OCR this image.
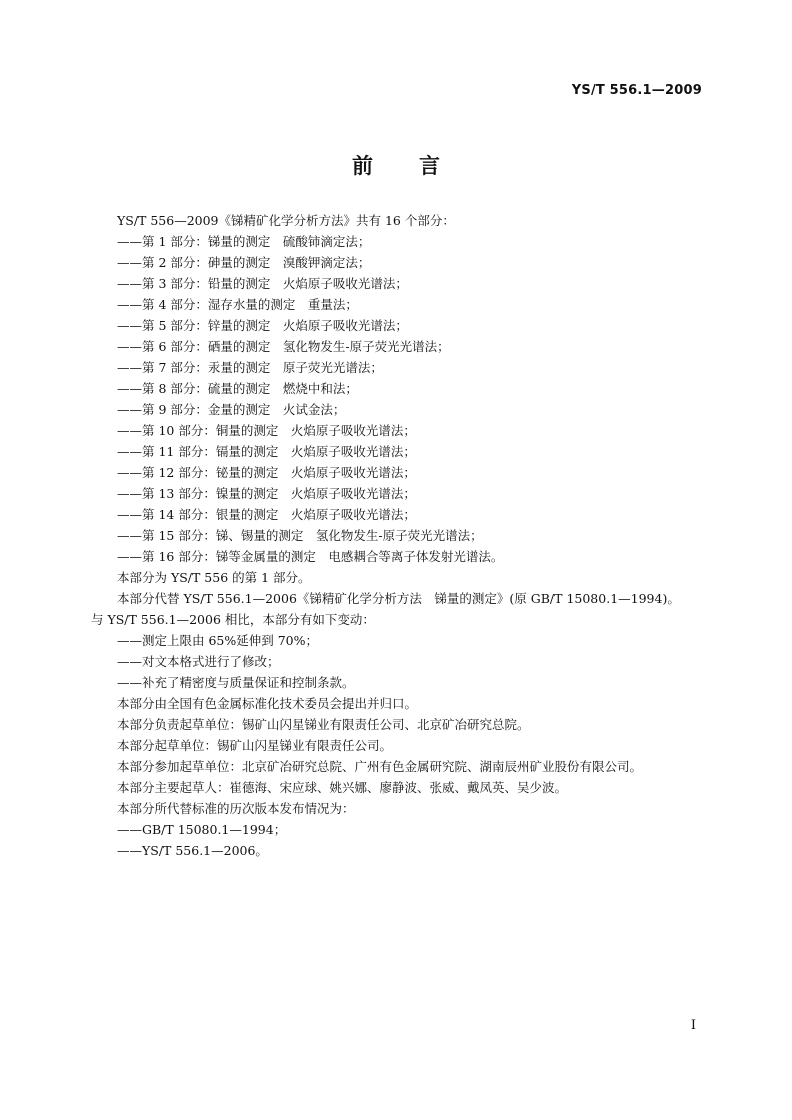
YS/T 556.1—2009
前 言
YS/T 556—2009《锑精矿化学分析方法》共有 16 个部分：
——第 1 部分：锑量的测定　硫酸铈滴定法；
——第 2 部分：砷量的测定　溴酸钾滴定法；
——第 3 部分：铅量的测定　火焰原子吸收光谱法；
——第 4 部分：湿存水量的测定　重量法；
——第 5 部分：锌量的测定　火焰原子吸收光谱法；
——第 6 部分：硒量的测定　氢化物发生-原子荧光光谱法；
——第 7 部分：汞量的测定　原子荧光光谱法；
——第 8 部分：硫量的测定　燃烧中和法；
——第 9 部分：金量的测定　火试金法；
——第 10 部分：铜量的测定　火焰原子吸收光谱法；
——第 11 部分：镉量的测定　火焰原子吸收光谱法；
——第 12 部分：铋量的测定　火焰原子吸收光谱法；
——第 13 部分：镍量的测定　火焰原子吸收光谱法；
——第 14 部分：银量的测定　火焰原子吸收光谱法；
——第 15 部分：锑、锡量的测定　氢化物发生-原子荧光光谱法；
——第 16 部分：锑等金属量的测定　电感耦合等离子体发射光谱法。
本部分为 YS/T 556 的第 1 部分。
本部分代替 YS/T 556.1—2006《锑精矿化学分析方法　锑量的测定》(原 GB/T 15080.1—1994)。
与 YS/T 556.1—2006 相比，本部分有如下变动：
——测定上限由 65%延伸到 70%；
——对文本格式进行了修改；
——补充了精密度与质量保证和控制条款。
本部分由全国有色金属标准化技术委员会提出并归口。
本部分负责起草单位：锡矿山闪星锑业有限责任公司、北京矿冶研究总院。
本部分起草单位：锡矿山闪星锑业有限责任公司。
本部分参加起草单位：北京矿冶研究总院、广州有色金属研究院、湖南辰州矿业股份有限公司。
本部分主要起草人：崔德海、宋应球、姚兴娜、廖静波、张威、戴凤英、吴少波。
本部分所代替标准的历次版本发布情况为：
——GB/T 15080.1—1994；
——YS/T 556.1—2006。
I
